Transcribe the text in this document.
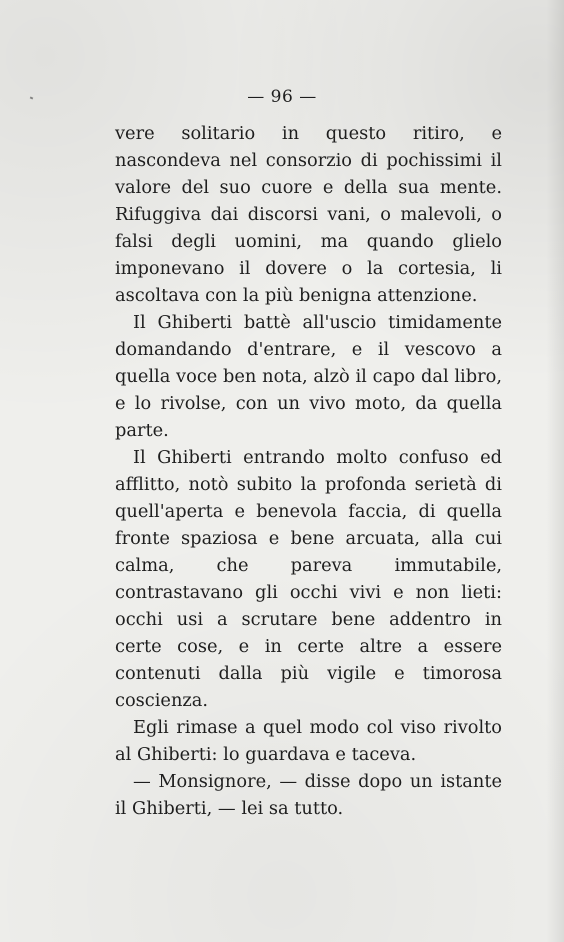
— 96 —

vere solitario in questo ritiro, e nascondeva nel consorzio di pochissimi il valore del suo cuore e della sua mente. Rifuggiva dai discorsi vani, o malevoli, o falsi degli uomini, ma quando glielo imponevano il dovere o la cortesia, li ascoltava con la più benigna attenzione.

Il Ghiberti battè all'uscio timidamente domandando d'entrare, e il vescovo a quella voce ben nota, alzò il capo dal libro, e lo rivolse, con un vivo moto, da quella parte.

Il Ghiberti entrando molto confuso ed afflitto, notò subito la profonda serietà di quell'aperta e benevola faccia, di quella fronte spaziosa e bene arcuata, alla cui calma, che pareva immutabile, contrastavano gli occhi vivi e non lieti: occhi usi a scrutare bene addentro in certe cose, e in certe altre a essere contenuti dalla più vigile e timorosa coscienza.

Egli rimase a quel modo col viso rivolto al Ghiberti: lo guardava e taceva.

— Monsignore, — disse dopo un istante il Ghiberti, — lei sa tutto.
